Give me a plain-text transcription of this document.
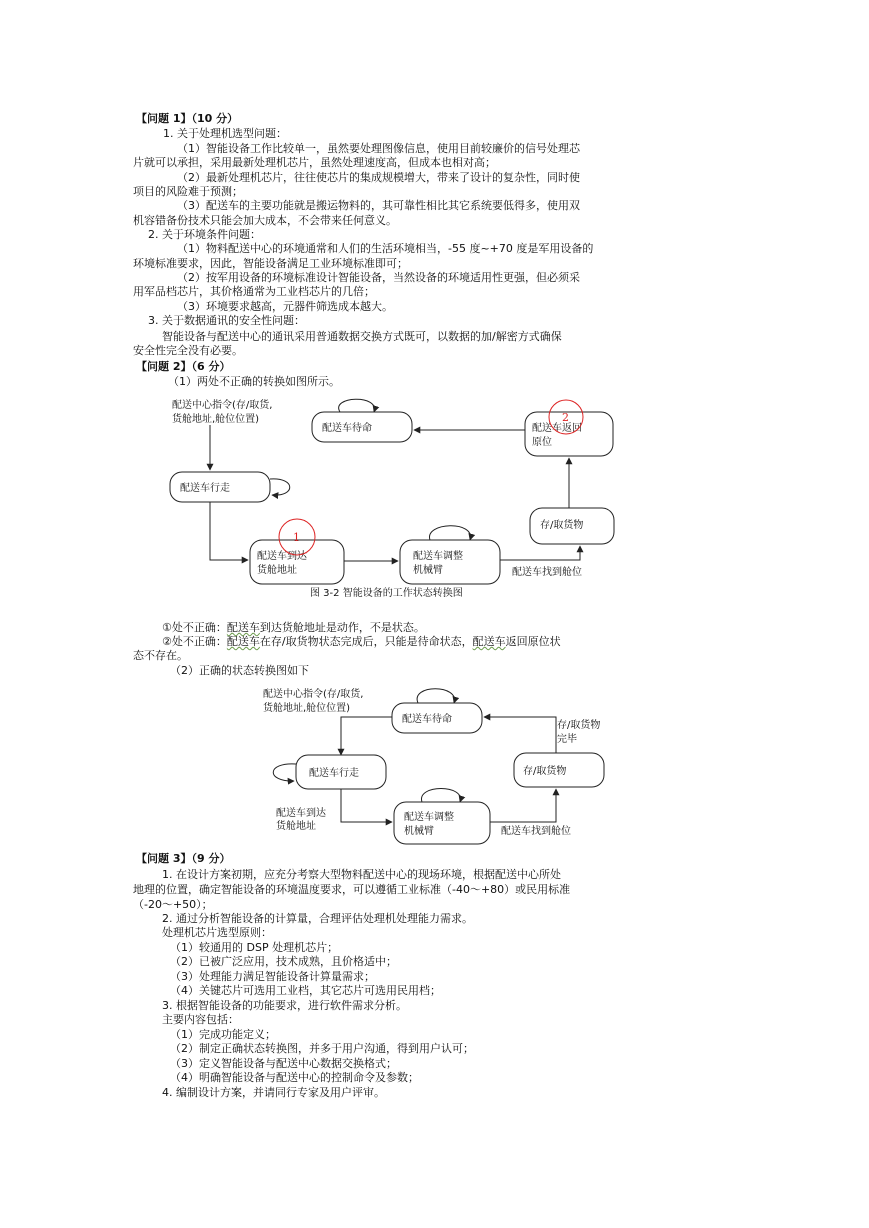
【问题 1】（10 分）
1. 关于处理机选型问题：
（1）智能设备工作比较单一，虽然要处理图像信息，使用目前较廉价的信号处理芯
片就可以承担，采用最新处理机芯片，虽然处理速度高，但成本也相对高；
（2）最新处理机芯片，往往使芯片的集成规模增大，带来了设计的复杂性，同时使
项目的风险难于预测；
（3）配送车的主要功能就是搬运物料的，其可靠性相比其它系统要低得多，使用双
机容错备份技术只能会加大成本，不会带来任何意义。
2. 关于环境条件问题：
（1）物料配送中心的环境通常和人们的生活环境相当，-55 度~+70 度是军用设备的
环境标准要求，因此，智能设备满足工业环境标准即可；
（2）按军用设备的环境标准设计智能设备，当然设备的环境适用性更强，但必须采
用军品档芯片，其价格通常为工业档芯片的几倍；
（3）环境要求越高，元器件筛选成本越大。
3. 关于数据通讯的安全性问题：
智能设备与配送中心的通讯采用普通数据交换方式既可，以数据的加/解密方式确保
安全性完全没有必要。
【问题 2】（6 分）
（1）两处不正确的转换如图所示。
配送中心指令(存/取货,
货舱地址,舱位位置)
配送车待命	配送车返回
原位
2
配送车行走
配送车到达
货舱地址
1
配送车调整
机械臂	配送车找到舱位
存/取货物
配送中心指令(存/取货,
货舱地址,舱位位置)
配送车待命
存/取货物
完毕
配送车行走	存/取货物
配送车到达
货舱地址
配送车调整
机械臂	配送车找到舱位
图 3-2 智能设备的工作状态转换图
①处不正确：配送车到达货舱地址是动作，不是状态。
②处不正确：配送车在存/取货物状态完成后，只能是待命状态，配送车返回原位状
态不存在。
（2）正确的状态转换图如下
【问题 3】（9 分）
1. 在设计方案初期，应充分考察大型物料配送中心的现场环境，根据配送中心所处
地理的位置，确定智能设备的环境温度要求，可以遵循工业标准（-40～+80）或民用标准
（-20～+50）；
2. 通过分析智能设备的计算量，合理评估处理机处理能力需求。
处理机芯片选型原则：
（1）较通用的 DSP 处理机芯片；
（2）已被广泛应用，技术成熟，且价格适中；
（3）处理能力满足智能设备计算量需求；
（4）关键芯片可选用工业档，其它芯片可选用民用档；
3. 根据智能设备的功能要求，进行软件需求分析。
主要内容包括：
（1）完成功能定义；
（2）制定正确状态转换图，并多于用户沟通，得到用户认可；
（3）定义智能设备与配送中心数据交换格式；
（4）明确智能设备与配送中心的控制命令及参数；
4. 编制设计方案，并请同行专家及用户评审。
